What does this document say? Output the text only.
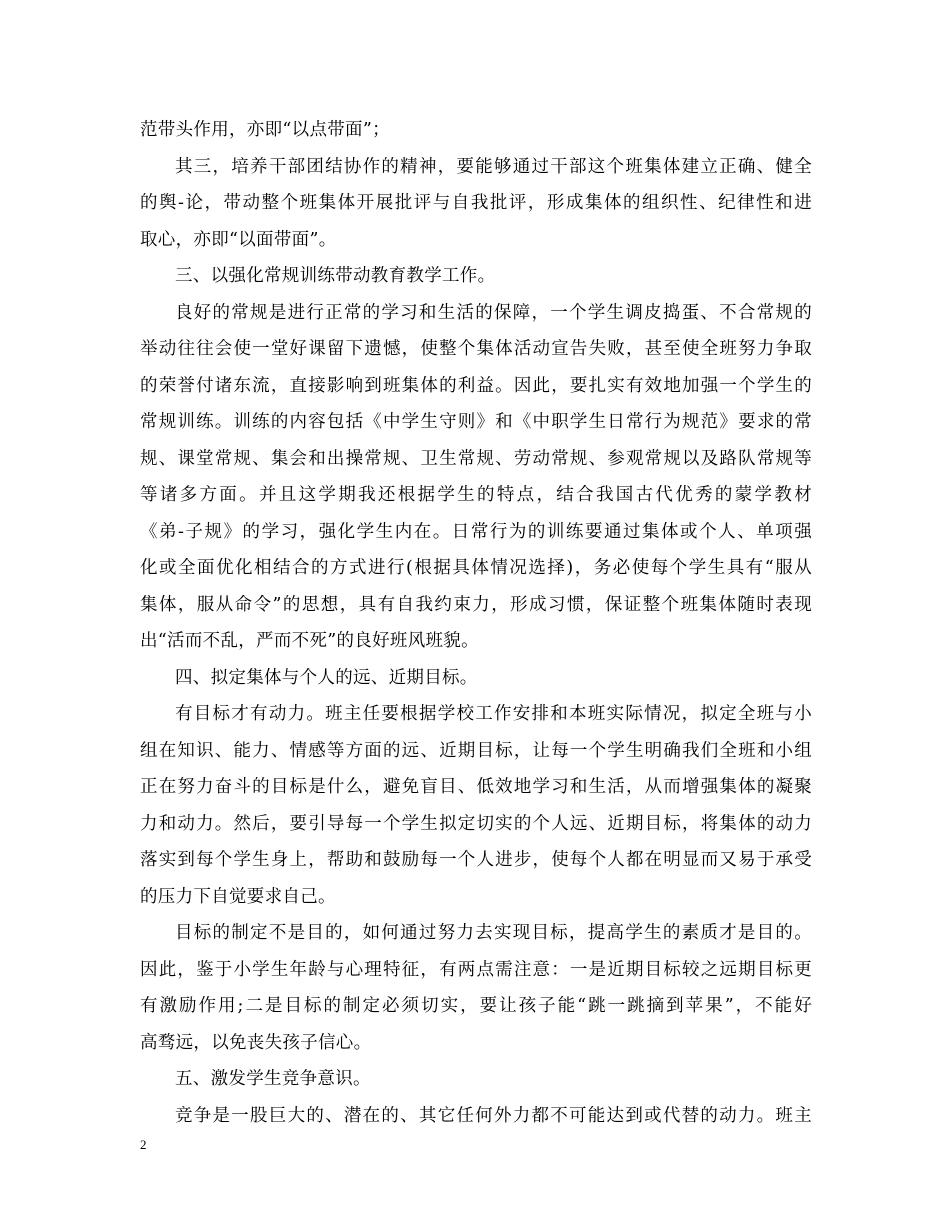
范带头作用，亦即“以点带面”；
其三，培养干部团结协作的精神，要能够通过干部这个班集体建立正确、健全
的舆-论，带动整个班集体开展批评与自我批评，形成集体的组织性、纪律性和进
取心，亦即“以面带面”。
三、以强化常规训练带动教育教学工作。
良好的常规是进行正常的学习和生活的保障，一个学生调皮捣蛋、不合常规的
举动往往会使一堂好课留下遗憾，使整个集体活动宣告失败，甚至使全班努力争取
的荣誉付诸东流，直接影响到班集体的利益。因此，要扎实有效地加强一个学生的
常规训练。训练的内容包括《中学生守则》和《中职学生日常行为规范》要求的常
规、课堂常规、集会和出操常规、卫生常规、劳动常规、参观常规以及路队常规等
等诸多方面。并且这学期我还根据学生的特点，结合我国古代优秀的蒙学教材
《弟-子规》的学习，强化学生内在。日常行为的训练要通过集体或个人、单项强
化或全面优化相结合的方式进行(根据具体情况选择)，务必使每个学生具有“服从
集体，服从命令”的思想，具有自我约束力，形成习惯，保证整个班集体随时表现
出“活而不乱，严而不死”的良好班风班貌。
四、拟定集体与个人的远、近期目标。
有目标才有动力。班主任要根据学校工作安排和本班实际情况，拟定全班与小
组在知识、能力、情感等方面的远、近期目标，让每一个学生明确我们全班和小组
正在努力奋斗的目标是什么，避免盲目、低效地学习和生活，从而增强集体的凝聚
力和动力。然后，要引导每一个学生拟定切实的个人远、近期目标，将集体的动力
落实到每个学生身上，帮助和鼓励每一个人进步，使每个人都在明显而又易于承受
的压力下自觉要求自己。
目标的制定不是目的，如何通过努力去实现目标，提高学生的素质才是目的。
因此，鉴于小学生年龄与心理特征，有两点需注意：一是近期目标较之远期目标更
有激励作用;二是目标的制定必须切实，要让孩子能“跳一跳摘到苹果”，不能好
高骛远，以免丧失孩子信心。
五、激发学生竞争意识。
竞争是一股巨大的、潜在的、其它任何外力都不可能达到或代替的动力。班主
2
